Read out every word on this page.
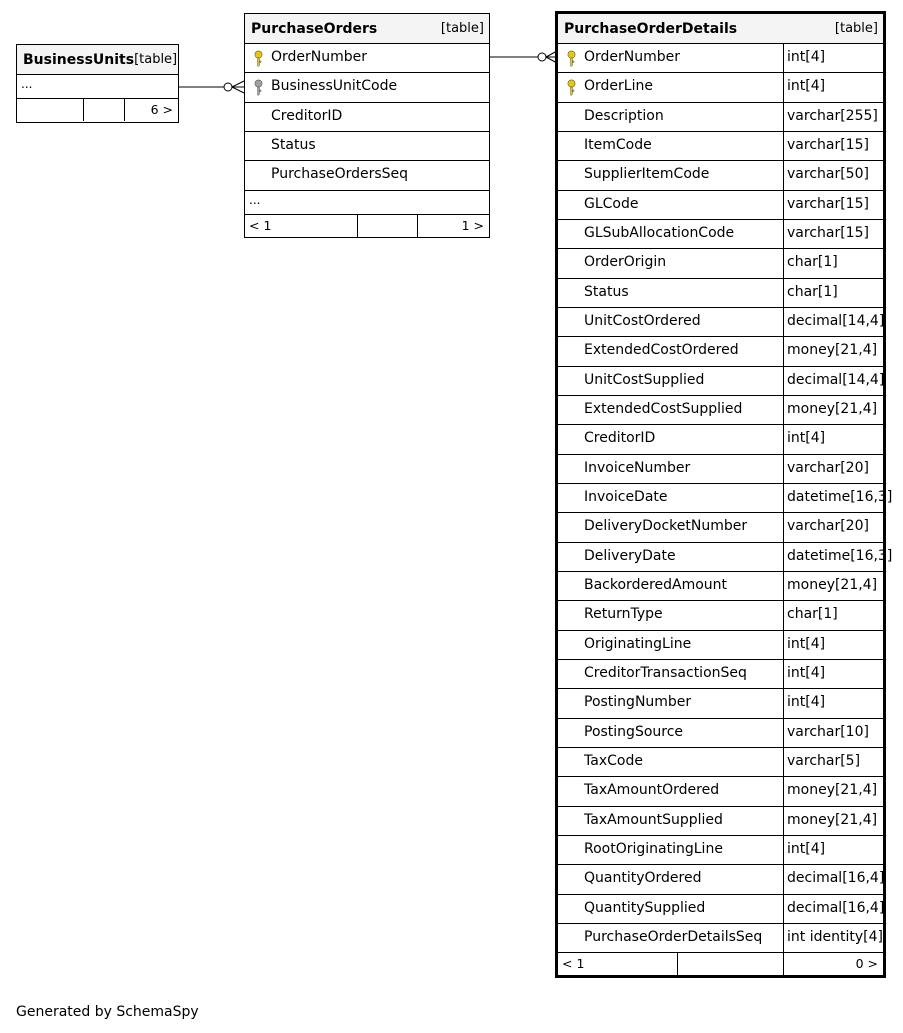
BusinessUnits [table]
...
6 >
PurchaseOrders	[table]
OrderNumber
BusinessUnitCode
CreditorID
Status
PurchaseOrdersSeq
...
< 1	1 >
PurchaseOrderDetails	[table]
OrderNumber	int[4]
OrderLine	int[4]
Description	varchar[255]
ItemCode	varchar[15]
SupplierItemCode	varchar[50]
GLCode	varchar[15]
GLSubAllocationCode	varchar[15]
OrderOrigin	char[1]
Status	char[1]
UnitCostOrdered	decimal[14,4]
ExtendedCostOrdered	money[21,4]
UnitCostSupplied	decimal[14,4]
ExtendedCostSupplied	money[21,4]
CreditorID	int[4]
InvoiceNumber	varchar[20]
InvoiceDate	datetime[16,3]
DeliveryDocketNumber	varchar[20]
DeliveryDate	datetime[16,3]
BackorderedAmount	money[21,4]
ReturnType	char[1]
OriginatingLine	int[4]
CreditorTransactionSeq	int[4]
PostingNumber	int[4]
PostingSource	varchar[10]
TaxCode	varchar[5]
TaxAmountOrdered	money[21,4]
TaxAmountSupplied	money[21,4]
RootOriginatingLine	int[4]
QuantityOrdered	decimal[16,4]
QuantitySupplied	decimal[16,4]
PurchaseOrderDetailsSeq int identity[4]
< 1	0 >
Generated by SchemaSpy
